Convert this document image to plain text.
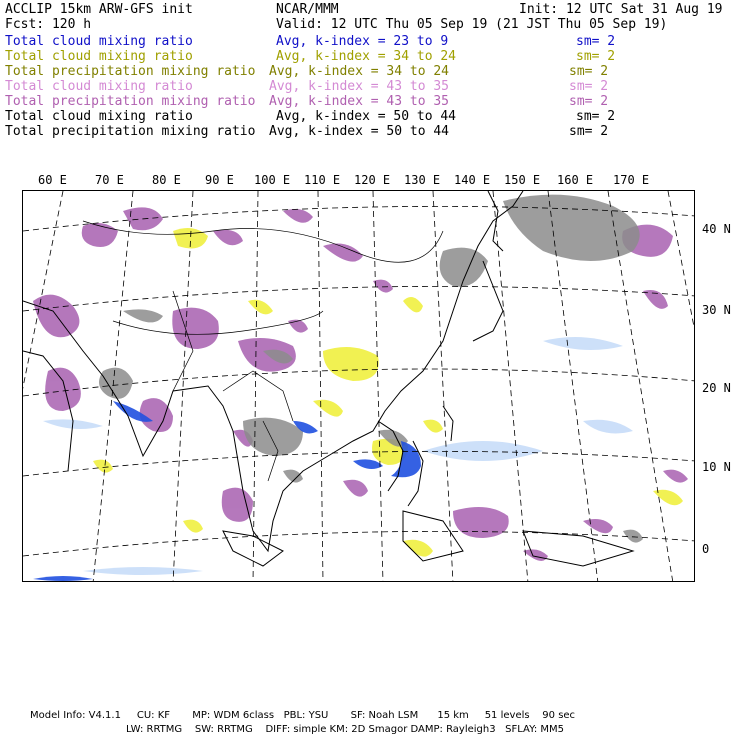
ACCLIP 15km ARW-GFS init	NCAR/MMM	Init: 12 UTC Sat 31 Aug 19
Fcst: 120 h	Valid: 12 UTC Thu 05 Sep 19 (21 JST Thu 05 Sep 19)
Total cloud mixing ratio	Avg, k-index = 23 to 9	sm= 2
Total cloud mixing ratio	Avg, k-index = 34 to 24	sm= 2
Total precipitation mixing ratio Avg, k-index = 34 to 24	sm= 2
Total cloud mixing ratio	Avg, k-index = 43 to 35	sm= 2
Total precipitation mixing ratio Avg, k-index = 43 to 35	sm= 2
Total cloud mixing ratio	Avg, k-index = 50 to 44	sm= 2
Total precipitation mixing ratio Avg, k-index = 50 to 44	sm= 2
60 E 70 E 80 E 90 E 100 E 110 E 120 E 130 E 140 E 150 E 160 E 170 E
40 N
30 N
20 N
10 N
0
Model Info: V4.1.1     CU: KF       MP: WDM 6class   PBL: YSU       SF: Noah LSM      15 km     51 levels    90 sec
LW: RRTMG    SW: RRTMG    DIFF: simple KM: 2D Smagor DAMP: Rayleigh3   SFLAY: MM5
